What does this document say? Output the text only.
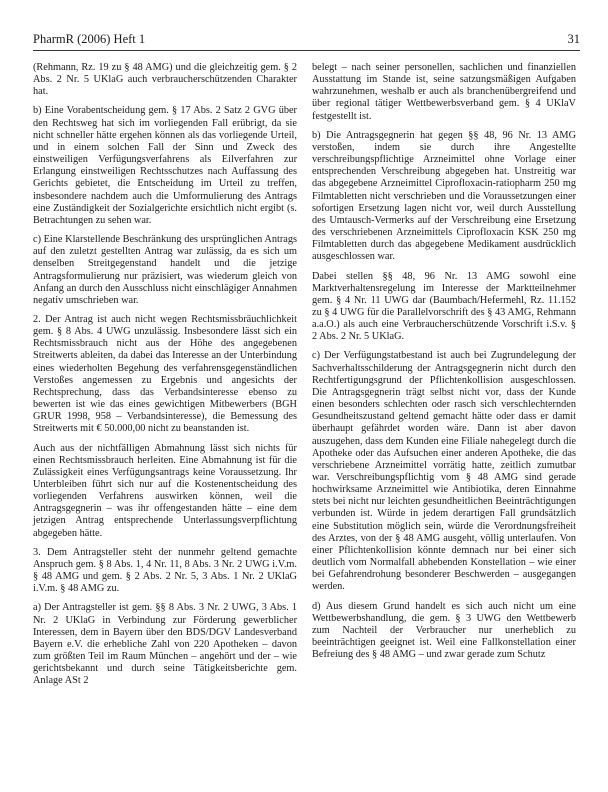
PharmR (2006) Heft 1	31

(Rehmann, Rz. 19 zu § 48 AMG) und die gleichzeitig gem. § 2 Abs. 2 Nr. 5 UKlaG auch verbraucherschützenden Charakter hat.

b) Eine Vorabentscheidung gem. § 17 Abs. 2 Satz 2 GVG über den Rechtsweg hat sich im vorliegenden Fall erübrigt, da sie nicht schneller hätte ergehen können als das vorliegende Urteil, und in einem solchen Fall der Sinn und Zweck des einstweiligen Verfügungsverfahrens als Eilverfahren zur Erlangung einstweiligen Rechtsschutzes nach Auffassung des Gerichts gebietet, die Entscheidung im Urteil zu treffen, insbesondere nachdem auch die Umformulierung des Antrags eine Zuständigkeit der Sozialgerichte ersichtlich nicht ergibt (s. Betrachtungen zu sehen war.

c) Eine Klarstellende Beschränkung des ursprünglichen Antrags auf den zuletzt gestellten Antrag war zulässig, da es sich um denselben Streitgegenstand handelt und die jetzige Antragsformulierung nur präzisiert, was wiederum gleich von Anfang an durch den Ausschluss nicht einschlägiger Annahmen negativ umschrieben war.

2. Der Antrag ist auch nicht wegen Rechtsmissbräuchlichkeit gem. § 8 Abs. 4 UWG unzulässig. Insbesondere lässt sich ein Rechtsmissbrauch nicht aus der Höhe des angegebenen Streitwerts ableiten, da dabei das Interesse an der Unterbindung eines wiederholten Begehung des verfahrensgegenständlichen Verstoßes angemessen zu Ergebnis und angesichts der Rechtsprechung, dass das Verbandsinteresse ebenso zu bewerten ist wie das eines gewichtigen Mitbewerbers (BGH GRUR 1998, 958 – Verbandsinteresse), die Bemessung des Streitwerts mit € 50.000,00 nicht zu beanstanden ist.

Auch aus der nichtfälligen Abmahnung lässt sich nichts für einen Rechtsmissbrauch herleiten. Eine Abmahnung ist für die Zulässigkeit eines Verfügungsantrags keine Voraussetzung. Ihr Unterbleiben führt sich nur auf die Kostenentscheidung des vorliegenden Verfahrens auswirken können, weil die Antragsgegnerin – was ihr offengestanden hätte – eine dem jetzigen Antrag entsprechende Unterlassungsverpflichtung abgegeben hätte.

3. Dem Antragsteller steht der nunmehr geltend gemachte Anspruch gem. § 8 Abs. 1, 4 Nr. 11, 8 Abs. 3 Nr. 2 UWG i.V.m. § 48 AMG und gem. § 2 Abs. 2 Nr. 5, 3 Abs. 1 Nr. 2 UKlaG i.V.m. § 48 AMG zu.

a) Der Antragsteller ist gem. §§ 8 Abs. 3 Nr. 2 UWG, 3 Abs. 1 Nr. 2 UKlaG in Verbindung zur Förderung gewerblicher Interessen, dem in Bayern über den BDS/DGV Landesverband Bayern e.V. die erhebliche Zahl von 220 Apotheken – davon zum größten Teil im Raum München – angehört und der – wie gerichtsbekannt und durch seine Tätigkeitsberichte gem. Anlage ASt 2

belegt – nach seiner personellen, sachlichen und finanziellen Ausstattung im Stande ist, seine satzungsmäßigen Aufgaben wahrzunehmen, weshalb er auch als branchenübergreifend und über regional tätiger Wettbewerbsverband gem. § 4 UKlaV festgestellt ist.

b) Die Antragsgegnerin hat gegen §§ 48, 96 Nr. 13 AMG verstoßen, indem sie durch ihre Angestellte verschreibungspflichtige Arzneimittel ohne Vorlage einer entsprechenden Verschreibung abgegeben hat. Unstreitig war das abgegebene Arzneimittel Ciprofloxacin-ratiopharm 250 mg Filmtabletten nicht verschrieben und die Voraussetzungen einer sofortigen Ersetzung lagen nicht vor, weil durch Ausstellung des Umtausch-Vermerks auf der Verschreibung eine Ersetzung des verschriebenen Arzneimittels Ciprofloxacin KSK 250 mg Filmtabletten durch das abgegebene Medikament ausdrücklich ausgeschlossen war.

Dabei stellen §§ 48, 96 Nr. 13 AMG sowohl eine Marktverhaltensregelung im Interesse der Marktteilnehmer gem. § 4 Nr. 11 UWG dar (Baumbach/Hefermehl, Rz. 11.152 zu § 4 UWG für die Parallelvorschrift des § 43 AMG, Rehmann a.a.O.) als auch eine Verbraucherschützende Vorschrift i.S.v. § 2 Abs. 2 Nr. 5 UKlaG.

c) Der Verfügungstatbestand ist auch bei Zugrundelegung der Sachverhaltsschilderung der Antragsgegnerin nicht durch den Rechtfertigungsgrund der Pflichtenkollision ausgeschlossen. Die Antragsgegnerin trägt selbst nicht vor, dass der Kunde einen besonders schlechten oder rasch sich verschlechternden Gesundheitszustand geltend gemacht hätte oder dass er damit überhaupt gefährdet worden wäre. Dann ist aber davon auszugehen, dass dem Kunden eine Filiale nahegelegt durch die Apotheke oder das Aufsuchen einer anderen Apotheke, die das verschriebene Arzneimittel vorrätig hatte, zeitlich zumutbar war. Verschreibungspflichtig vom § 48 AMG sind gerade hochwirksame Arzneimittel wie Antibiotika, deren Einnahme stets bei nicht nur leichten gesundheitlichen Beeinträchtigungen verbunden ist. Würde in jedem derartigen Fall grundsätzlich eine Substitution möglich sein, würde die Verordnungsfreiheit des Arztes, von der § 48 AMG ausgeht, völlig unterlaufen. Von einer Pflichtenkollision könnte demnach nur bei einer sich deutlich vom Normalfall abhebenden Konstellation – wie einer bei Gefahrendrohung besonderer Beschwerden – ausgegangen werden.

d) Aus diesem Grund handelt es sich auch nicht um eine Wettbewerbshandlung, die gem. § 3 UWG den Wettbewerb zum Nachteil der Verbraucher nur unerheblich zu beeinträchtigen geeignet ist. Weil eine Fallkonstellation einer Befreiung des § 48 AMG – und zwar gerade zum Schutz
